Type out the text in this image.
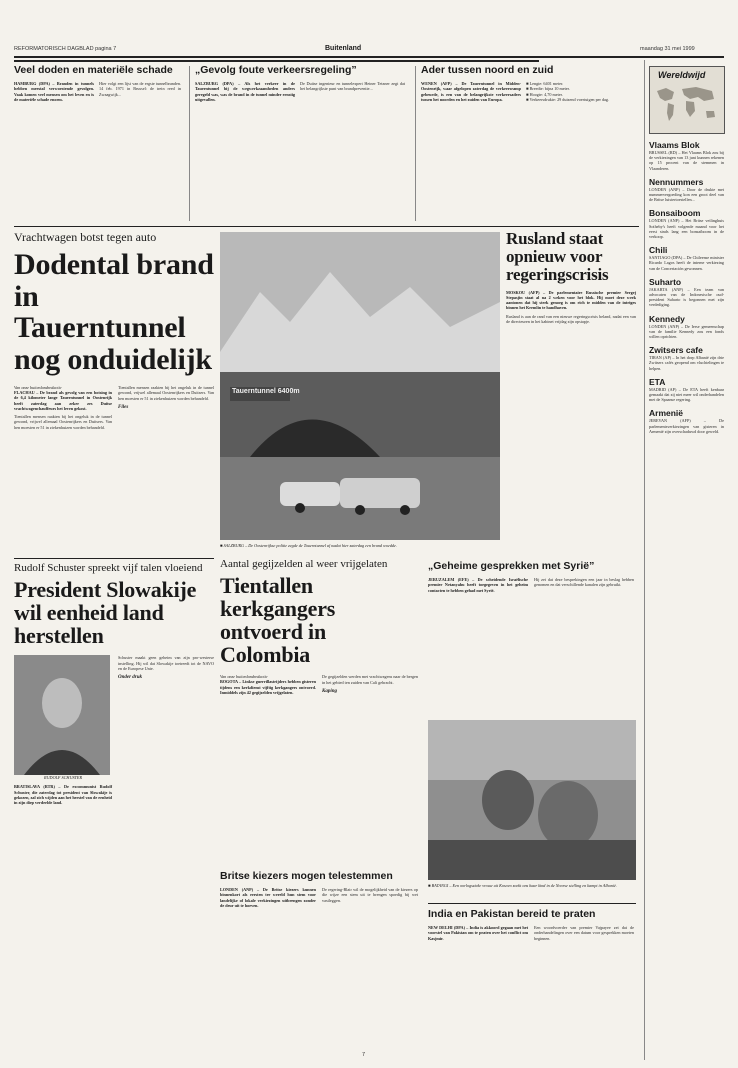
REFORMATORISCH DAGBLAD pagina 7	Buitenland	maandag 31 mei 1999
Veel doden en materiële schade
HAMBURG (DPA) – Branden in tunnels hebben meestal verwoestende gevolgen. Vaak komen veel mensen om het leven en is de materiële schade enorm.
Hier volgt een lijst van de ergste tunnelbranden. 14 feb. 1971 in Brussel: de trein reed in Zwaagwijk...
„Gevolg foute verkeersregeling”
SALZBURG (DPA) – Als het verkeer in de Tauerntunnel bij de wegwerkzaamheden anders geregeld was, was de brand in de tunnel minder ernstig uitgevallen.
De Duitse ingenieur en tunnelexpert Heiner Tetzner zegt dat het belangrijkste punt van brandpreventie...
Ader tussen noord en zuid
WENEN (AFP) – De Tauerntunnel in Midden-Oostenrijk, waar afgelopen zaterdag de verkeersramp gebeurde, is een van de belangrijkste verkeersaders tussen het noorden en het zuiden van Europa.
■ Lengte: 6401 meter.
■ Breedte: bijna 10 meter.
■ Hoogte: 4,70 meter.
■ Verkeersdrukte: 29 duizend voertuigen per dag.
Wereldwijd
Vlaams Blok
BRUSSEL (RD) – Het Vlaams Blok zou bij de verkiezingen van 13 juni kunnen rekenen op 15 procent van de stemmen in Vlaanderen.
Nennummers
LONDEN (ANP) – Door de drukte met nummervergoeding kon een groot deel van de Britse luistertoestellen...
Bonsaiboom
LONDEN (ANP) – Het Britse veilinghuis Sotheby's heeft volgende maand voor het eerst sinds lang een bonsaiboom in de verkoop.
Chili
SANTIAGO (DPA) – De Chileense minister Ricardo Lagos heeft de interne verkiezing van de Concertación gewonnen.
Suharto
JAKARTA (ANP) – Een team van advocaten van de Indonesische oud-president Suharto is begonnen met zijn verdediging.
Kennedy
LONDEN (ANP) – De Ierse gemeenschap van de familie Kennedy zou een fonds willen oprichten.
Zwitsers cafe
TIRAN (AP) – In het dorp Albanië zijn drie Zwitsers cafés geopend om vluchtelingen te helpen.
ETA
MADRID (AP) – De ETA heeft kenbaar gemaakt dat zij niet meer wil onderhandelen met de Spaanse regering.
Armenië
JEREVAN (AFP) – De parlementsverkiezingen van gisteren in Armenië zijn overschaduwd door geweld.
Vrachtwagen botst tegen auto
Dodental brand in Tauerntunnel nog onduidelijk
Van onze buitenlandredactie
FLACHAU – De brand als gevolg van een botsing in de 6,4 kilometer lange Tauerntunnel in Oostenrijk heeft zaterdag aan zeker zes Duitse vrachtwagenchauffeurs het leven gekost.
Tientallen mensen raakten bij het ongeluk in de tunnel gewond, vrijwel allemaal Oostenrijkers en Duitsers. Van hen moesten er 51 in ziekenhuizen worden behandeld.
Tientallen mensen raakten bij het ongeluk in de tunnel gewond, vrijwel allemaal Oostenrijkers en Duitsers. Van hen moesten er 51 in ziekenhuizen worden behandeld.
Files
Tauerntunnel 6400m
■ SALZBURG – De Oostenrijkse politie zegde de Tauerntunnel af nadat hier zaterdag een brand woedde.
Rusland staat opnieuw voor regeringscrisis
MOSKOU (AFP) – De parlementaire Russische premier Sergej Stepasjin staat al na 2 weken voor het blok. Hij moet deze week aantonen dat hij sterk genoeg is om rich te midden van de intriges binnen het Kremlin te handhaven.
Rusland is aan de rand van een nieuwe regeringscrisis beland, nadat een van de directeuren in het kabinet vrijdag zijn opstapje.
Rudolf Schuster spreekt vijf talen vloeiend
President Slowakije wil eenheid land herstellen
RUDOLF SCHUSTER
BRATISLAVA (RTR) – De excommunist Rudolf Schuster, die zaterdag tot president van Slowakije is gekozen, zal zich wijden aan het herstel van de eenheid in zijn diep verdeelde land.
Schuster maakt geen geheim van zijn pro-westerse instelling. Hij wil dat Slowakije toetreedt tot de NAVO en de Europese Unie.
Onder druk
Aantal gegijzelden al weer vrijgelaten
Tientallen kerkgangers ontvoerd in Colombia
Van onze buitenlandredactie
BOGOTA – Linkse guerrillastrijders hebben gisteren tijdens een kerkdienst vijftig kerkgangers ontvoerd. Inmiddels zijn 42 gegijzelden vrijgelaten.
De gegijzelden werden met vrachtwagens naar de bergen in het gebied ten zuiden van Cali gebracht.
Kaping
„Geheime gesprekken met Syrië”
JERUZALEM (EFE) – De scheidende Israëlische premier Netanyahu heeft toegegeven in het geheim contacten te hebben gehad met Syrië.
Hij zei dat deze besprekingen een jaar in beslag hebben genomen en dat verschillende kanalen zijn gebruikt.
■ BATANGI – Een oorlogszieke vrouw uit Kosovo zoekt ons haar kind in de Noorse stelling en kampt in Albanië.
Britse kiezers mogen telestemmen
LONDEN (ANP) – De Britse kiezers kunnen binnenkort als eersten ter wereld hun stem voor landelijke of lokale verkiezingen uitbrengen zonder de deur uit te hoeven.
De regering-Blair wil de mogelijkheid van de kiezers op die wijze een stem uit te brengen spoedig bij wet vastleggen.
India en Pakistan bereid te praten
NEW DELHI (DPA) – India is akkoord gegaan met het voorstel van Pakistan om te praten over het conflict om Kasjmir.
Een woordvoerder van premier Vajpayee zei dat de onderhandelingen over een datum voor gesprekken moeten beginnen.
7
